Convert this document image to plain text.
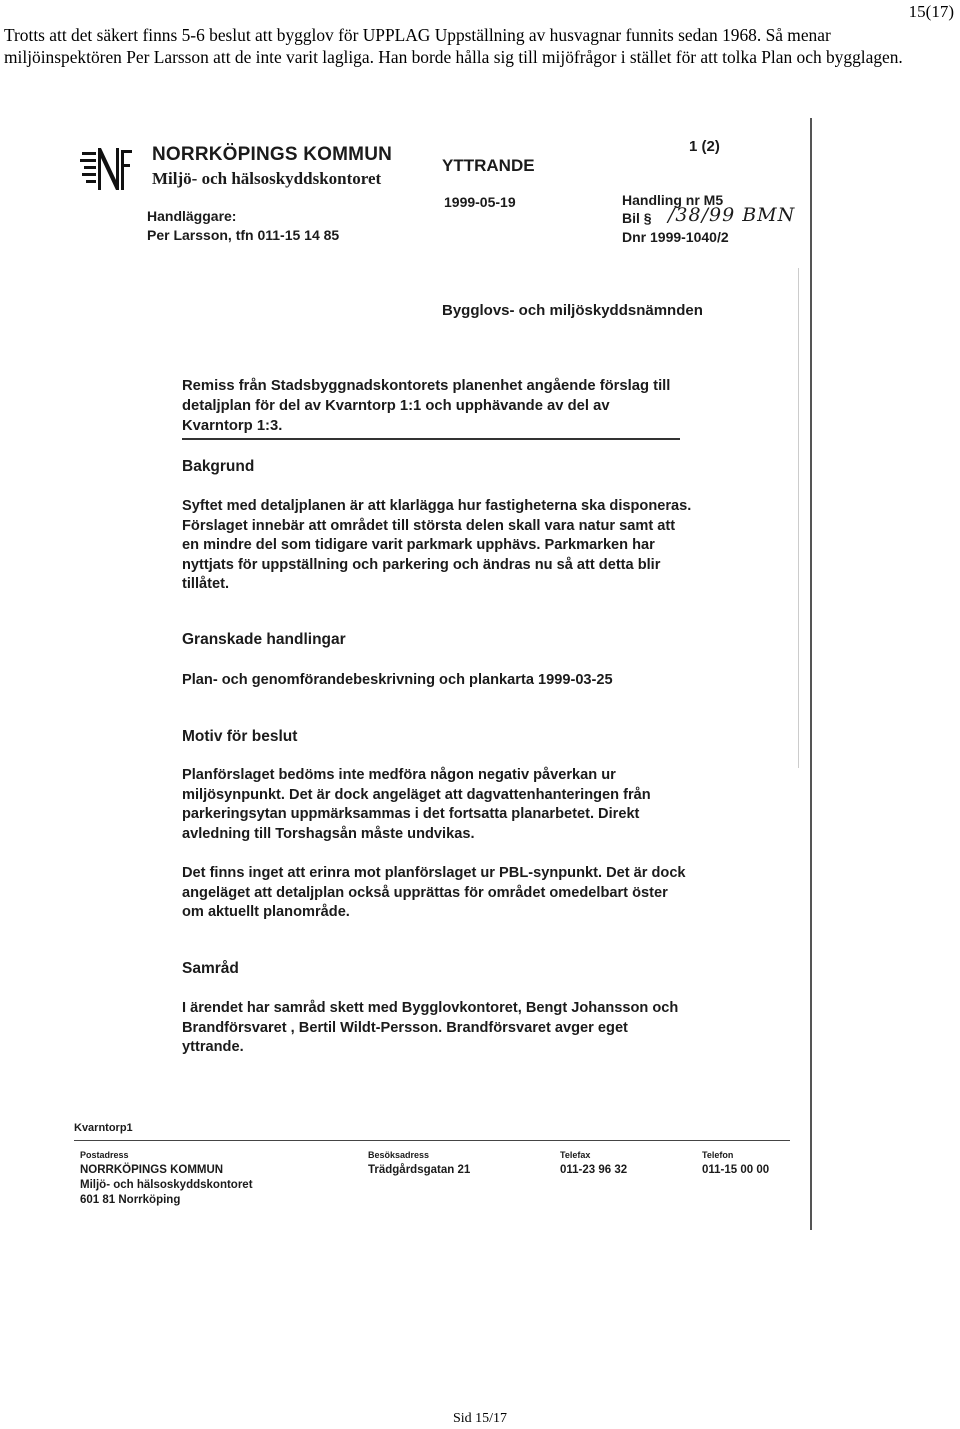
15(17)
Trotts att det säkert finns 5-6 beslut att bygglov för UPPLAG Uppställning av husvagnar funnits sedan 1968. Så menar miljöinspektören Per Larsson att de inte varit lagliga. Han borde hålla sig till mijöfrågor i stället för att tolka Plan och bygglagen.
NORRKÖPINGS KOMMUN
Miljö- och hälsoskyddskontoret
Handläggare:
Per Larsson, tfn 011-15 14 85
YTTRANDE
1999-05-19
1 (2)
Handling nr M5
Bil § /38/99 BMN
Dnr 1999-1040/2
Bygglovs- och miljöskyddsnämnden
Remiss från Stadsbyggnadskontorets planenhet angående förslag till detaljplan för del av Kvarntorp 1:1 och upphävande av del av Kvarntorp 1:3.
Bakgrund
Syftet med detaljplanen är att klarlägga hur fastigheterna ska disponeras. Förslaget innebär att området till största delen skall vara natur samt att en mindre del som tidigare varit parkmark upphävs. Parkmarken har nyttjats för uppställning och parkering och ändras nu så att detta blir tillåtet.
Granskade handlingar
Plan- och genomförandebeskrivning och plankarta 1999-03-25
Motiv för beslut
Planförslaget bedöms inte medföra någon negativ påverkan ur miljösynpunkt. Det är dock angeläget att dagvattenhanteringen från parkeringsytan uppmärksammas i det fortsatta planarbetet. Direkt avledning till Torshagsån måste undvikas.
Det finns inget att erinra mot planförslaget ur PBL-synpunkt. Det är dock angeläget att detaljplan också upprättas för området omedelbart öster om aktuellt planområde.
Samråd
I ärendet har samråd skett med Bygglovkontoret, Bengt Johansson och Brandförsvaret , Bertil Wildt-Persson. Brandförsvaret avger eget yttrande.
Kvarntorp1
Postadress
NORRKÖPINGS KOMMUN
Miljö- och hälsoskyddskontoret
601 81 Norrköping
Besöksadress
Trädgårdsgatan 21
Telefax
011-23 96 32
Telefon
011-15 00 00
Sid 15/17
